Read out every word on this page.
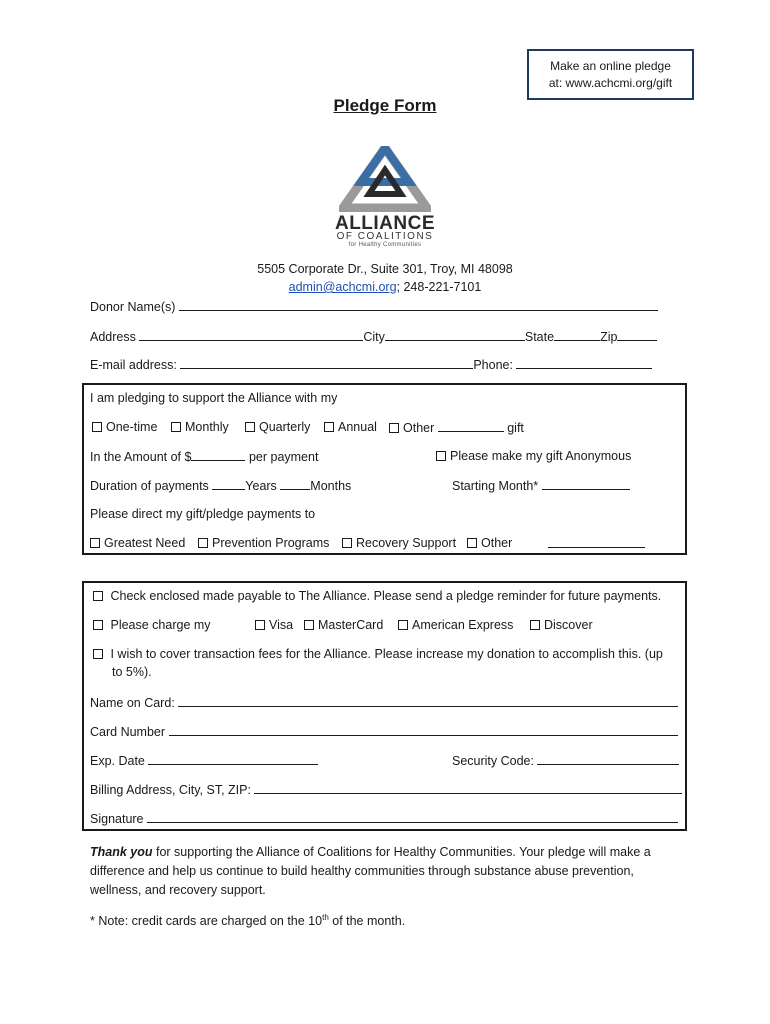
Make an online pledge
at: www.achcmi.org/gift
Pledge Form
ALLIANCE
OF COALITIONS
for Healthy Communities
5505 Corporate Dr., Suite 301, Troy, MI 48098
admin@achcmi.org; 248-221-7101
Donor Name(s)
Address	City	State	Zip
E-mail address:	Phone:
I am pledging to support the Alliance with my
One-time	Monthly	Quarterly	Annual	Other	gift
In the Amount of $	per payment	Please make my gift Anonymous
Duration of payments	Years	Months	Starting Month*
Please direct my gift/pledge payments to
Greatest Need	Prevention Programs	Recovery Support	Other
Check enclosed made payable to The Alliance. Please send a pledge reminder for future payments.
Please charge my	Visa	MasterCard	American Express	Discover
I wish to cover transaction fees for the Alliance. Please increase my donation to accomplish this. (up
to 5%).
Name on Card:
Card Number
Exp. Date	Security Code:
Billing Address, City, ST, ZIP:
Signature
Thank you for supporting the Alliance of Coalitions for Healthy Communities. Your pledge will make a
difference and help us continue to build healthy communities through substance abuse prevention,
wellness, and recovery support.
* Note: credit cards are charged on the 10th of the month.
